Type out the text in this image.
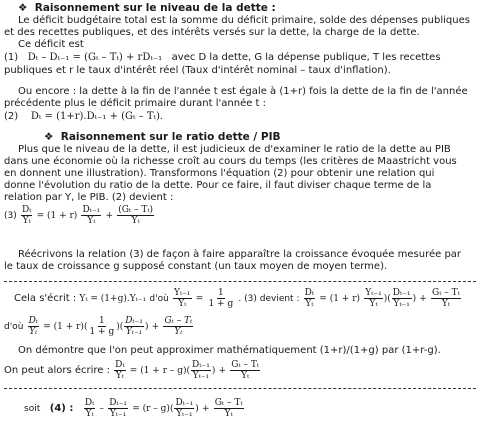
❖ Raisonnement sur le niveau de la dette :
Le déficit budgétaire total est la somme du déficit primaire, solde des dépenses publiques
et des recettes publiques, et des intérêts versés sur la dette, la charge de la dette.
Ce déficit est
(1) Dₜ – Dₜ₋₁ = (Gₜ – Tₜ) + rDₜ₋₁ avec D la dette, G la dépense publique, T les recettes
publiques et r le taux d'intérêt réel (Taux d'intérêt nominal – taux d'inflation).
Ou encore : la dette à la fin de l'année t est égale à (1+r) fois la dette de la fin de l'année
précédente plus le déficit primaire durant l'année t :
(2) Dₜ = (1+r).Dₜ₋₁ + (Gₜ – Tₜ).
❖ Raisonnement sur le ratio dette / PIB
Plus que le niveau de la dette, il est judicieux de d'examiner le ratio de la dette au PIB
dans une économie où la richesse croît au cours du temps (les critères de Maastricht vous
en donnent une illustration). Transformons l'équation (2) pour obtenir une relation qui
donne l'évolution du ratio de la dette. Pour ce faire, il faut diviser chaque terme de la
relation par Y, le PIB. (2) devient :
$(3) \frac{\text{Dₜ}}{\text{Yₜ}} = (1 + r) \frac{\text{Dₜ₋₁}}{\text{Yₜ}} + \frac{\text{(Gₜ – Tₜ)}}{\text{Yₜ}}$
Réécrivons la relation (3) de façon à faire apparaître la croissance évoquée mesurée par
le taux de croissance g supposé constant (un taux moyen de moyen terme).
Cela s'écrit : Yₜ = (1+g).Yₜ₋₁ d'où $\frac{\text{Yₜ₋₁}}{\text{Yₜ}} = \frac{1}{1 + g}$ . (3) devient : $\frac{\text{Dₜ}}{\text{Yₜ}} = (1 + r) \frac{\text{Yₜ₋₁}}{\text{Yₜ}}$ )( $\frac{\text{Dₜ₋₁}}{\text{Yₜ₋₁}}$ ) + $\frac{\text{Gₜ – Tₜ}}{\text{Yₜ}}$
d'où $\frac{\text{Dₜ}}{\text{Yₜ}} = (1 + r)( \frac{1}{1 + g}$ )( $\frac{\text{Dₜ₋₁}}{\text{Yₜ₋₁}}$ ) + $\frac{\text{Gₜ – Tₜ}}{\text{Yₜ}}$
On démontre que l'on peut approximer mathématiquement (1+r)/(1+g) par (1+r-g).
On peut alors écrire : $\frac{\text{Dₜ}}{\text{Yₜ}} = (1 + r - g)( \frac{\text{Dₜ₋₁}}{\text{Yₜ₋₁}}$ ) + $\frac{\text{Gₜ – Tₜ}}{\text{Yₜ}}$
soit (4) : $\frac{\text{Dₜ}}{\text{Yₜ}} - \frac{\text{Dₜ₋₁}}{\text{Yₜ₋₁}} = (r - g)( \frac{\text{Dₜ₋₁}}{\text{Yₜ₋₁}}$ ) + $\frac{\text{Gₜ – Tₜ}}{\text{Yₜ}}$
